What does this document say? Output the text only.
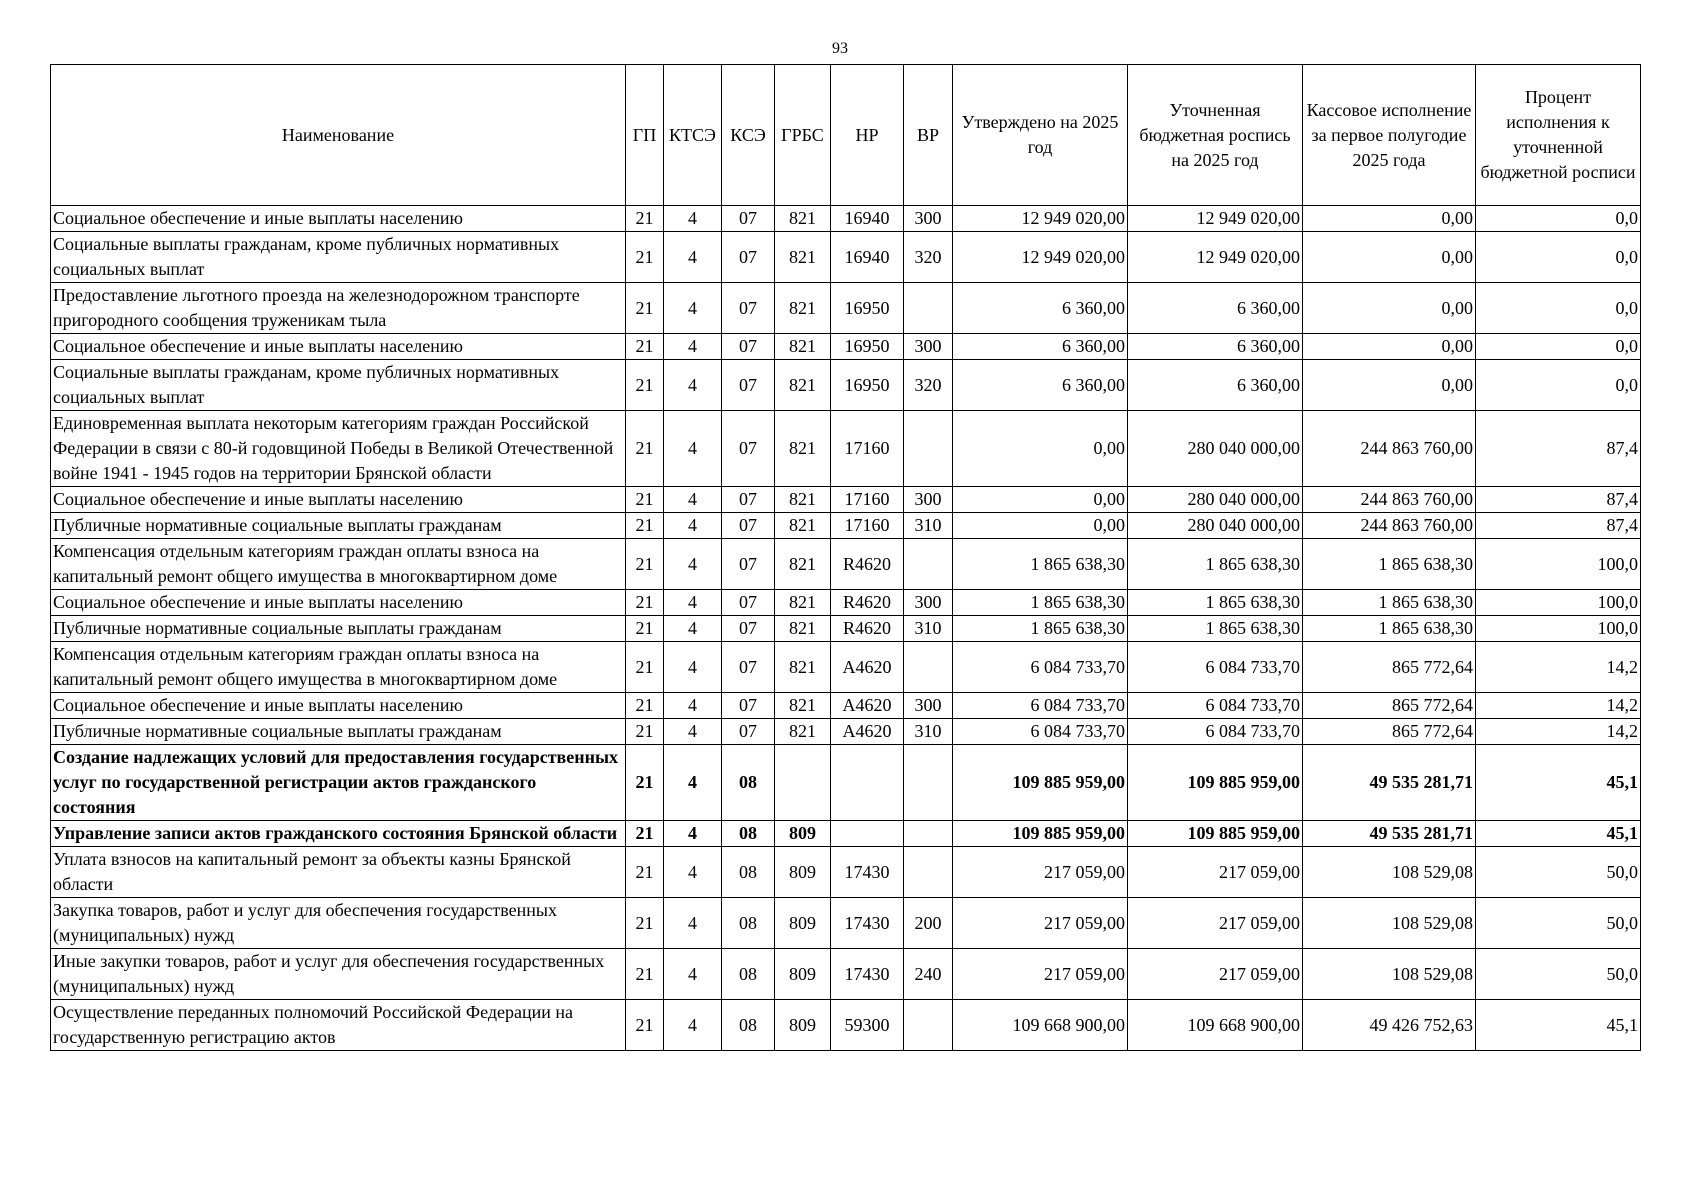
93
Наименование	ГП	КТСЭ	КСЭ	ГРБС	НР	ВР	Утверждено на 2025 год	Уточненная бюджетная роспись на 2025 год	Кассовое исполнение за первое полугодие 2025 года	Процент исполнения к уточненной бюджетной росписи
Социальное обеспечение и иные выплаты населению	21	4	07	821	16940	300	12 949 020,00	12 949 020,00	0,00	0,0
Социальные выплаты гражданам, кроме публичных нормативных социальных выплат	21	4	07	821	16940	320	12 949 020,00	12 949 020,00	0,00	0,0
Предоставление льготного проезда на железнодорожном транспорте пригородного сообщения труженикам тыла	21	4	07	821	16950		6 360,00	6 360,00	0,00	0,0
Социальное обеспечение и иные выплаты населению	21	4	07	821	16950	300	6 360,00	6 360,00	0,00	0,0
Социальные выплаты гражданам, кроме публичных нормативных социальных выплат	21	4	07	821	16950	320	6 360,00	6 360,00	0,00	0,0
Единовременная выплата некоторым категориям граждан Российской Федерации в связи с 80-й годовщиной Победы в Великой Отечественной войне 1941 - 1945 годов на территории Брянской области	21	4	07	821	17160		0,00	280 040 000,00	244 863 760,00	87,4
Социальное обеспечение и иные выплаты населению	21	4	07	821	17160	300	0,00	280 040 000,00	244 863 760,00	87,4
Публичные нормативные социальные выплаты гражданам	21	4	07	821	17160	310	0,00	280 040 000,00	244 863 760,00	87,4
Компенсация отдельным категориям граждан оплаты взноса на капитальный ремонт общего имущества в многоквартирном доме	21	4	07	821	R4620		1 865 638,30	1 865 638,30	1 865 638,30	100,0
Социальное обеспечение и иные выплаты населению	21	4	07	821	R4620	300	1 865 638,30	1 865 638,30	1 865 638,30	100,0
Публичные нормативные социальные выплаты гражданам	21	4	07	821	R4620	310	1 865 638,30	1 865 638,30	1 865 638,30	100,0
Компенсация отдельным категориям граждан оплаты взноса на капитальный ремонт общего имущества в многоквартирном доме	21	4	07	821	А4620		6 084 733,70	6 084 733,70	865 772,64	14,2
Социальное обеспечение и иные выплаты населению	21	4	07	821	А4620	300	6 084 733,70	6 084 733,70	865 772,64	14,2
Публичные нормативные социальные выплаты гражданам	21	4	07	821	А4620	310	6 084 733,70	6 084 733,70	865 772,64	14,2
Создание надлежащих условий для предоставления государственных услуг по государственной регистрации актов гражданского состояния	21	4	08				109 885 959,00	109 885 959,00	49 535 281,71	45,1
Управление записи актов гражданского состояния Брянской области	21	4	08	809			109 885 959,00	109 885 959,00	49 535 281,71	45,1
Уплата взносов на капитальный ремонт за объекты казны Брянской области	21	4	08	809	17430		217 059,00	217 059,00	108 529,08	50,0
Закупка товаров, работ и услуг для обеспечения государственных (муниципальных) нужд	21	4	08	809	17430	200	217 059,00	217 059,00	108 529,08	50,0
Иные закупки товаров, работ и услуг для обеспечения государственных (муниципальных) нужд	21	4	08	809	17430	240	217 059,00	217 059,00	108 529,08	50,0
Осуществление переданных полномочий Российской Федерации на государственную регистрацию актов	21	4	08	809	59300		109 668 900,00	109 668 900,00	49 426 752,63	45,1
